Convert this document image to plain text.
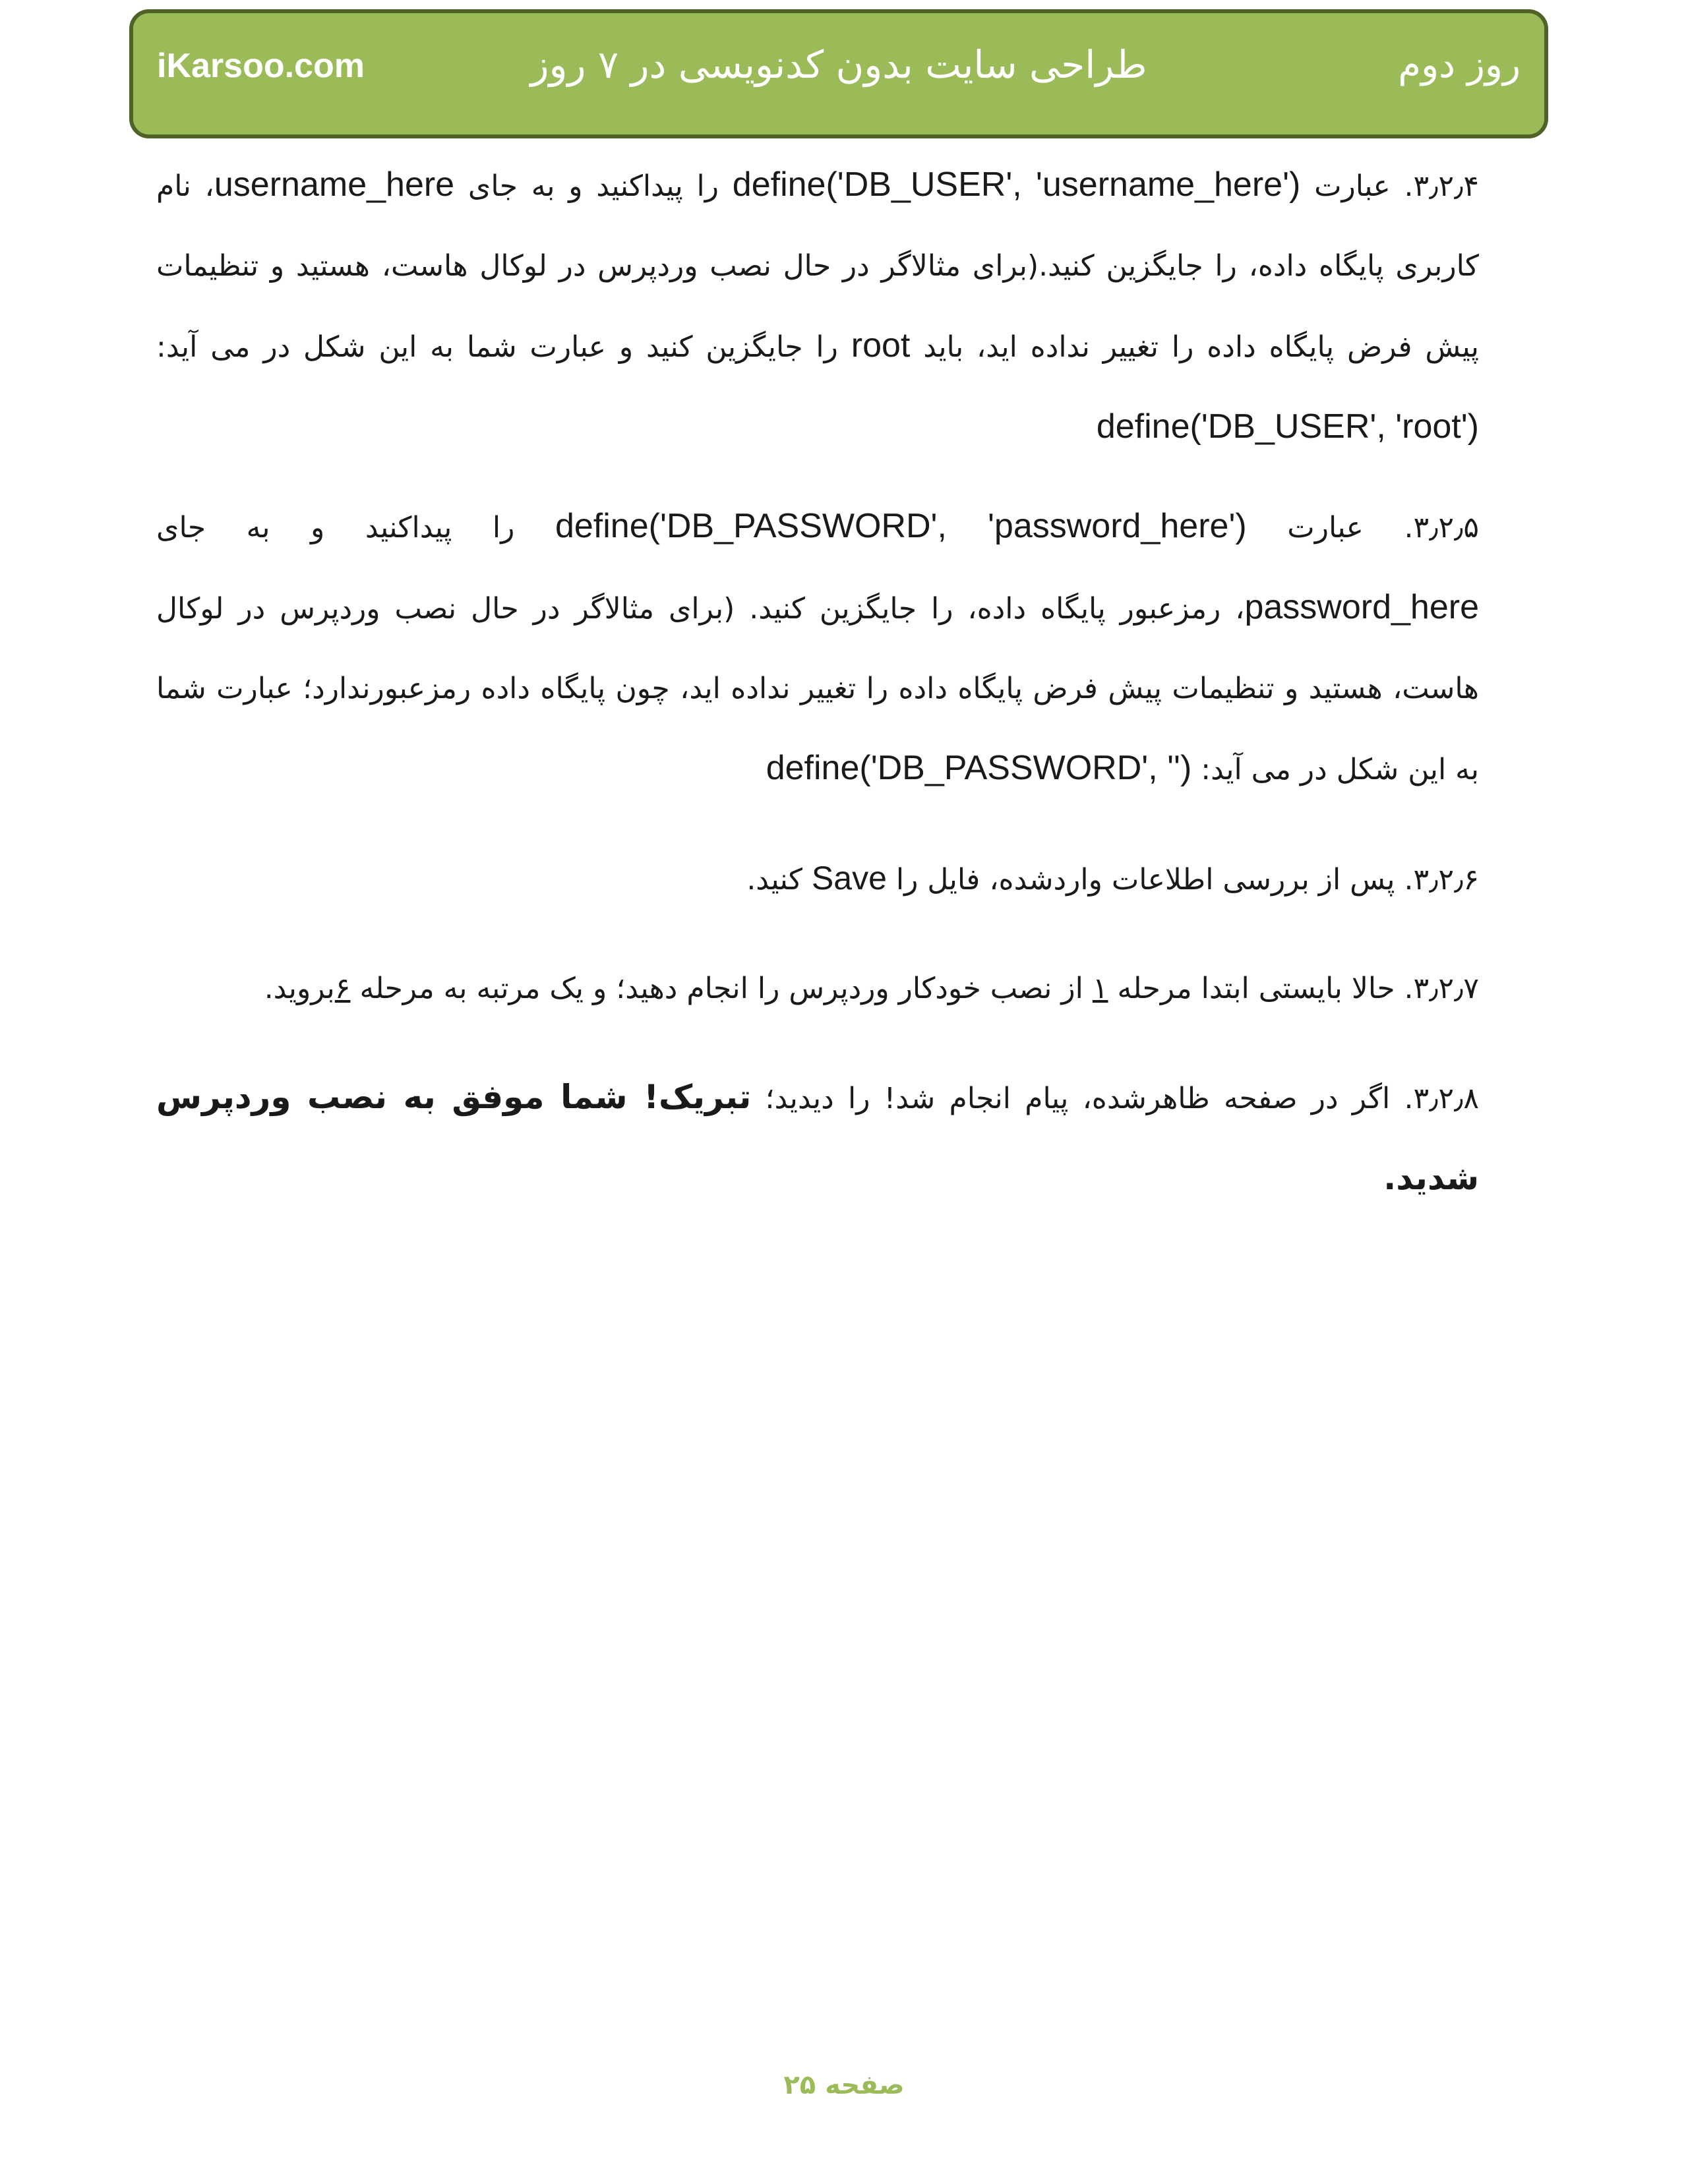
iKarsoo.com	طراحی سایت بدون کدنویسی در ۷ روز	روز دوم

۳٫۲٫۴. عبارت define('DB_USER', 'username_here') را پیداکنید و به جای username_here، نام کاربری پایگاه داده، را جایگزین کنید.(برای مثالاگر در حال نصب وردپرس در لوکال هاست، هستید و تنظیمات پیش فرض پایگاه داده را تغییر نداده اید، باید root را جایگزین کنید و عبارت شما به این شکل در می آید: define('DB_USER', 'root')

۳٫۲٫۵. عبارت define('DB_PASSWORD', 'password_here') را پیداکنید و به جای password_here، رمزعبور پایگاه داده، را جایگزین کنید. (برای مثالاگر در حال نصب وردپرس در لوکال هاست، هستید و تنظیمات پیش فرض پایگاه داده را تغییر نداده اید، چون پایگاه داده رمزعبورندارد؛ عبارت شما به این شکل در می آید: define('DB_PASSWORD', '')

۳٫۲٫۶. پس از بررسی اطلاعات واردشده، فایل را Save کنید.

۳٫۲٫۷. حالا بایستی ابتدا مرحله ۱ از نصب خودکار وردپرس را انجام دهید؛ و یک مرتبه به مرحله ۶بروید.

۳٫۲٫۸. اگر در صفحه ظاهرشده، پیام انجام شد! را دیدید؛ تبریک! شما موفق به نصب وردپرس شدید.

صفحه ۲۵
